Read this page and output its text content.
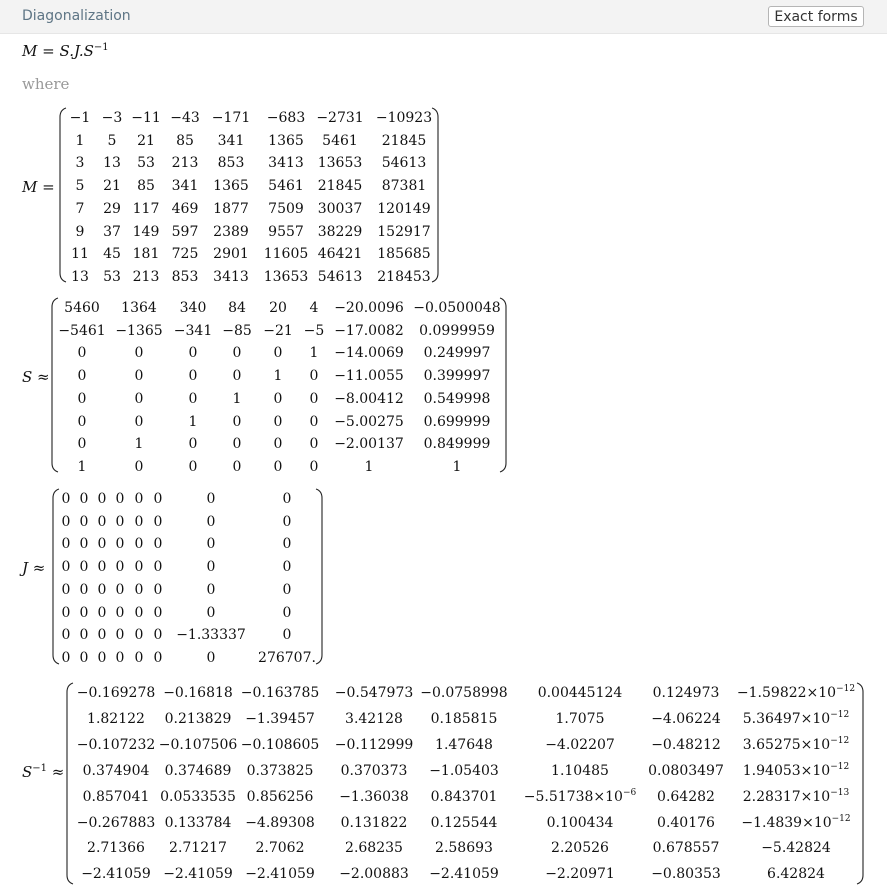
Diagonalization	Exact forms
$M = S.J.S^{-1}$
where
M =
−1 −3 −11 −43 −171 −683 −2731 −10923
1 5 21 85 341 1365 5461 21845
3 13 53 213 853 3413 13653 54613
5 21 85 341 1365 5461 21845 87381
7 29 117 469 1877 7509 30037 120149
9 37 149 597 2389 9557 38229 152917
11 45 181 725 2901 11605 46421 185685
13 53 213 853 3413 13653 54613 218453
S ≈
5460 1364 340 84 20 4 −20.0096 −0.0500048
−5461 −1365 −341 −85 −21 −5 −17.0082 0.0999959
0	0	0	0 0 1 −14.0069 0.249997
0	0	0	0 1 0 −11.0055 0.399997
0	0	0	1 0 0 −8.00412 0.549998
0	0	1	0 0 0 −5.00275 0.699999
0	1	0	0 0 0 −2.00137 0.849999
1	0	0	0 0 0	1	1
J ≈
0 0 0 0 0 0	0	0
0 0 0 0 0 0	0	0
0 0 0 0 0 0	0	0
0 0 0 0 0 0	0	0
0 0 0 0 0 0	0	0
0 0 0 0 0 0	0	0
0 0 0 0 0 0 −1.33337	0
0 0 0 0 0 0	0	276707.
$S^{-1}$ ≈
−0.169278 −0.16818 −0.163785 −0.547973 −0.0758998 0.00445124 $0.124973 -1.59822\times 10^{-12}$
1.82122 0.213829 −1.39457 3.42128 0.185815	1.7075	−4.06224 $5.36497\times 10^{-12}$
−0.107232 −0.107506 −0.108605 −0.112999 1.47648	−4.02207	−0.48212 $3.65275\times 10^{-12}$
0.374904 0.374689 0.373825 0.370373 −1.05403	1.10485	0.0803497 $1.94053\times 10^{-12}$
0.857041 0.0533535 0.856256 −1.36038 $0.843701 -5.51738\times 10^{-6}$ 0.64282 $2.28317\times 10^{-13}$
−0.267883 0.133784 −4.89308 0.131822 0.125544	0.100434	$0.40176 -1.4839\times 10^{-12}$
2.71366 2.71217 2.7062	2.68235 2.58693	2.20526	0.678557	−5.42824
−2.41059 −2.41059 −2.41059 −2.00883 −2.41059	−2.20971	−0.80353	6.42824
